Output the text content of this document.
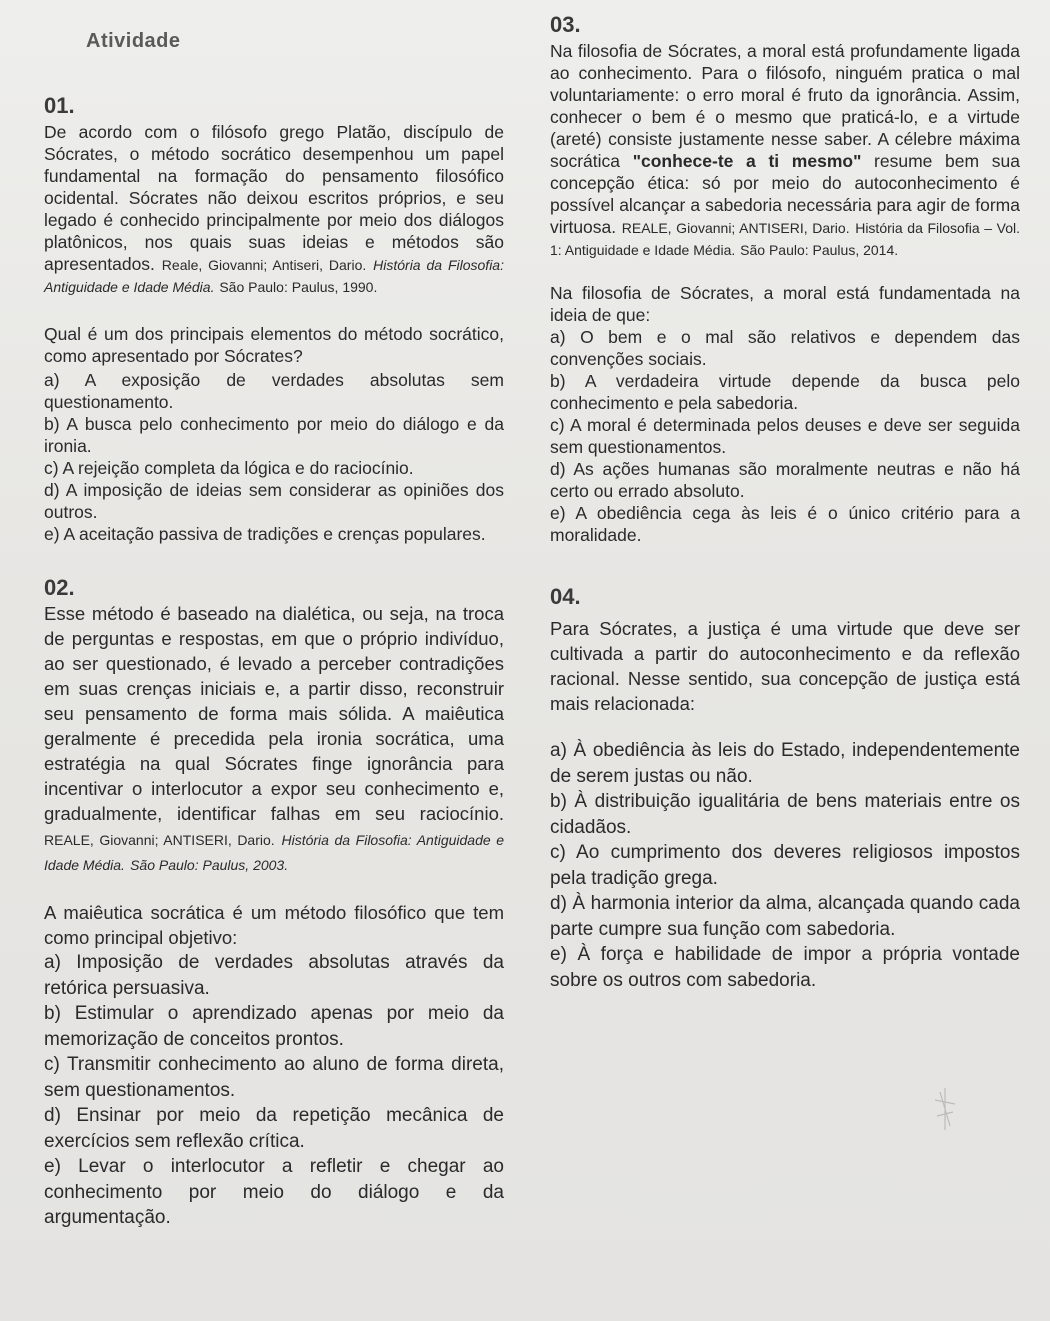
Atividade
01.

De acordo com o filósofo grego Platão, discípulo de Sócrates, o método socrático desempenhou um papel fundamental na formação do pensamento filosófico ocidental. Sócrates não deixou escritos próprios, e seu legado é conhecido principalmente por meio dos diálogos platônicos, nos quais suas ideias e métodos são apresentados. Reale, Giovanni; Antiseri, Dario. História da Filosofia: Antiguidade e Idade Média. São Paulo: Paulus, 1990.

Qual é um dos principais elementos do método socrático, como apresentado por Sócrates?

a) A exposição de verdades absolutas sem questionamento.

b) A busca pelo conhecimento por meio do diálogo e da ironia.

c) A rejeição completa da lógica e do raciocínio.

d) A imposição de ideias sem considerar as opiniões dos outros.

e) A aceitação passiva de tradições e crenças populares.

02.

Esse método é baseado na dialética, ou seja, na troca de perguntas e respostas, em que o próprio indivíduo, ao ser questionado, é levado a perceber contradições em suas crenças iniciais e, a partir disso, reconstruir seu pensamento de forma mais sólida. A maiêutica geralmente é precedida pela ironia socrática, uma estratégia na qual Sócrates finge ignorância para incentivar o interlocutor a expor seu conhecimento e, gradualmente, identificar falhas em seu raciocínio. REALE, Giovanni; ANTISERI, Dario. História da Filosofia: Antiguidade e Idade Média. São Paulo: Paulus, 2003.

A maiêutica socrática é um método filosófico que tem como principal objetivo:

a) Imposição de verdades absolutas através da retórica persuasiva.

b) Estimular o aprendizado apenas por meio da memorização de conceitos prontos.

c) Transmitir conhecimento ao aluno de forma direta, sem questionamentos.

d) Ensinar por meio da repetição mecânica de exercícios sem reflexão crítica.

e) Levar o interlocutor a refletir e chegar ao conhecimento por meio do diálogo e da argumentação.

03.

Na filosofia de Sócrates, a moral está profundamente ligada ao conhecimento. Para o filósofo, ninguém pratica o mal voluntariamente: o erro moral é fruto da ignorância. Assim, conhecer o bem é o mesmo que praticá-lo, e a virtude (areté) consiste justamente nesse saber. A célebre máxima socrática "conhece-te a ti mesmo" resume bem sua concepção ética: só por meio do autoconhecimento é possível alcançar a sabedoria necessária para agir de forma virtuosa. REALE, Giovanni; ANTISERI, Dario. História da Filosofia – Vol. 1: Antiguidade e Idade Média. São Paulo: Paulus, 2014.

Na filosofia de Sócrates, a moral está fundamentada na ideia de que:

a) O bem e o mal são relativos e dependem das convenções sociais.

b) A verdadeira virtude depende da busca pelo conhecimento e pela sabedoria.

c) A moral é determinada pelos deuses e deve ser seguida sem questionamentos.

d) As ações humanas são moralmente neutras e não há certo ou errado absoluto.

e) A obediência cega às leis é o único critério para a moralidade.

04.

Para Sócrates, a justiça é uma virtude que deve ser cultivada a partir do autoconhecimento e da reflexão racional. Nesse sentido, sua concepção de justiça está mais relacionada:

a) À obediência às leis do Estado, independentemente de serem justas ou não.

b) À distribuição igualitária de bens materiais entre os cidadãos.

c) Ao cumprimento dos deveres religiosos impostos pela tradição grega.

d) À harmonia interior da alma, alcançada quando cada parte cumpre sua função com sabedoria.

e) À força e habilidade de impor a própria vontade sobre os outros com sabedoria.
